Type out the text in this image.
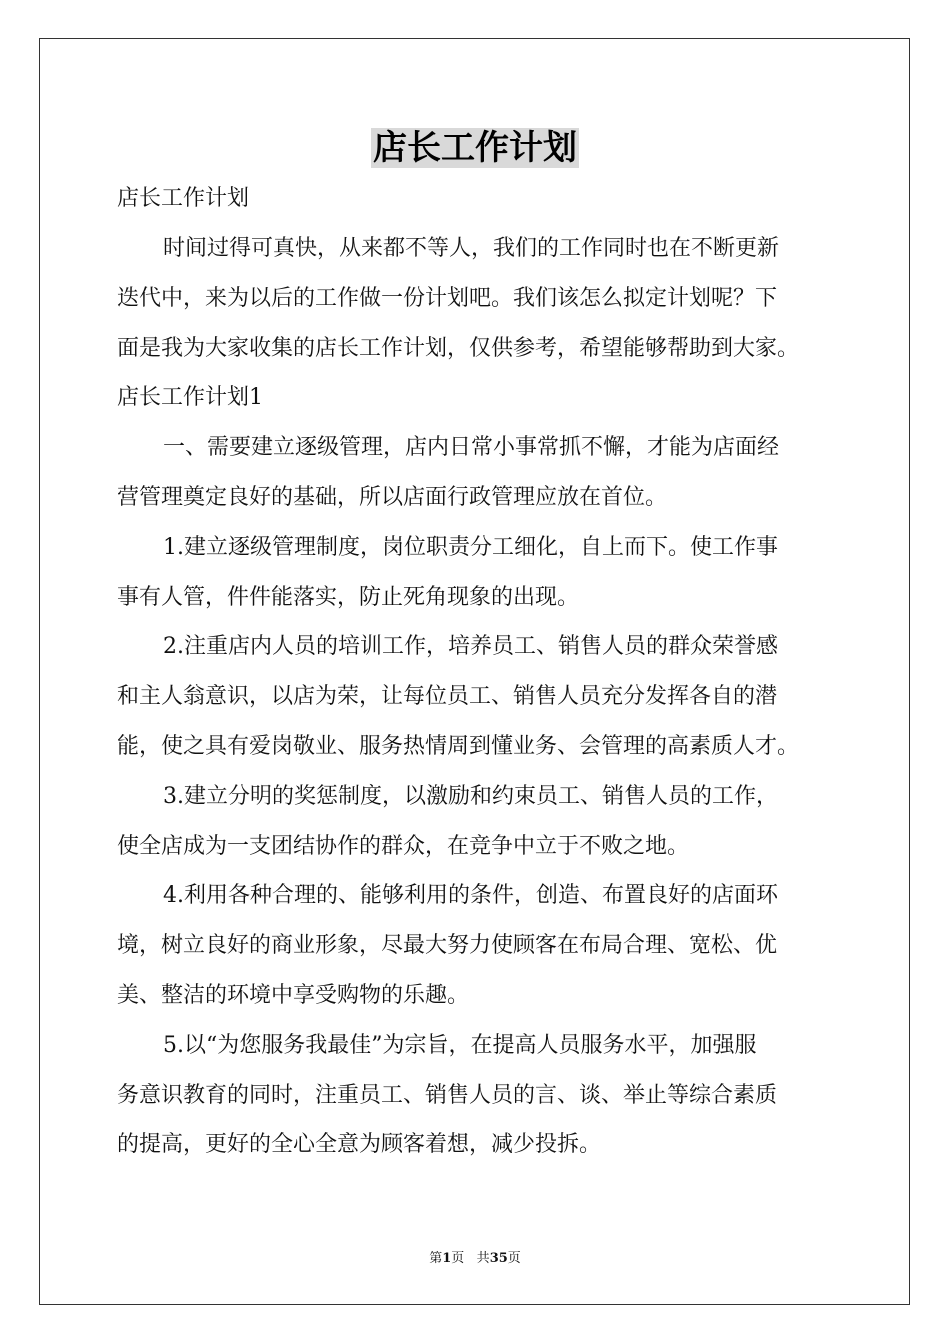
店长工作计划
店长工作计划
时间过得可真快，从来都不等人，我们的工作同时也在不断更新
迭代中，来为以后的工作做一份计划吧。我们该怎么拟定计划呢？下
面是我为大家收集的店长工作计划，仅供参考，希望能够帮助到大家。
店长工作计划1
一、需要建立逐级管理，店内日常小事常抓不懈，才能为店面经
营管理奠定良好的基础，所以店面行政管理应放在首位。
1.建立逐级管理制度，岗位职责分工细化，自上而下。使工作事
事有人管，件件能落实，防止死角现象的出现。
2.注重店内人员的培训工作，培养员工、销售人员的群众荣誉感
和主人翁意识，以店为荣，让每位员工、销售人员充分发挥各自的潜
能，使之具有爱岗敬业、服务热情周到懂业务、会管理的高素质人才。
3.建立分明的奖惩制度，以激励和约束员工、销售人员的工作，
使全店成为一支团结协作的群众，在竞争中立于不败之地。
4.利用各种合理的、能够利用的条件，创造、布置良好的店面环
境，树立良好的商业形象，尽最大努力使顾客在布局合理、宽松、优
美、整洁的环境中享受购物的乐趣。
5.以“为您服务我最佳”为宗旨，在提高人员服务水平，加强服
务意识教育的同时，注重员工、销售人员的言、谈、举止等综合素质
的提高，更好的全心全意为顾客着想，减少投拆。
第1页 共35页
